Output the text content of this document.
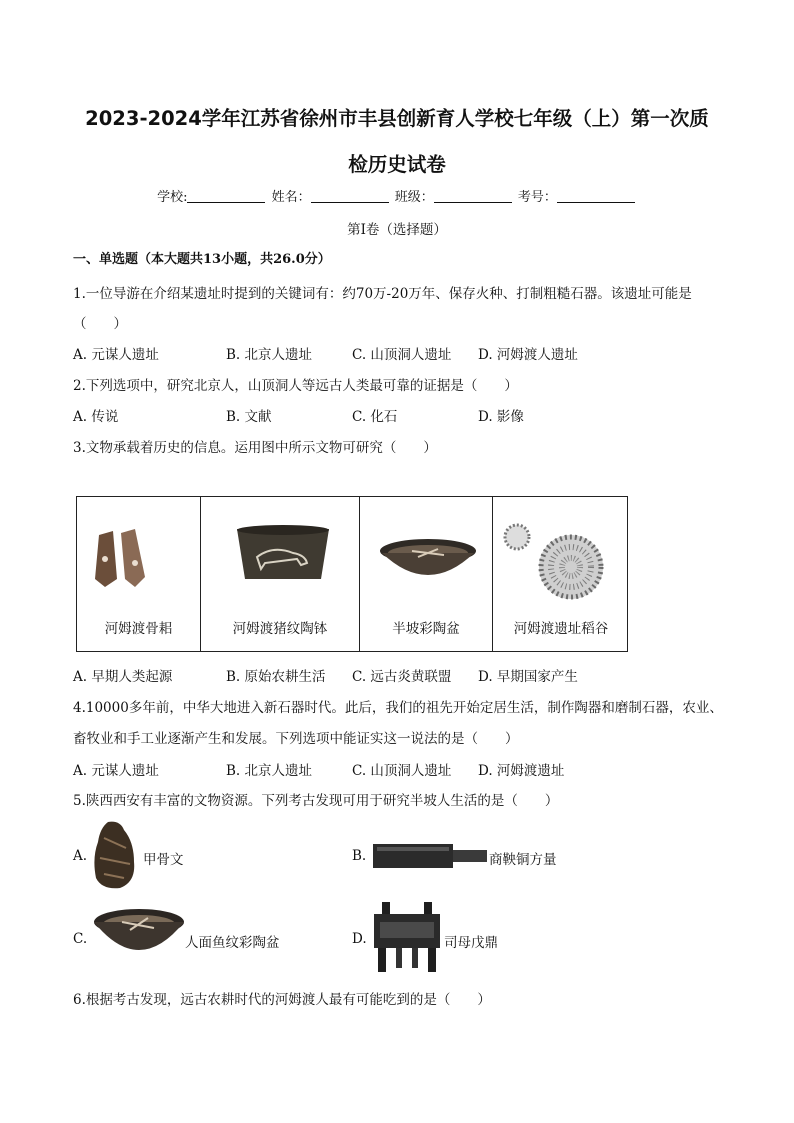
2023-2024学年江苏省徐州市丰县创新育人学校七年级（上）第一次质
检历史试卷
学校:	姓名：	班级：	考号：
第I卷（选择题）
一、单选题（本大题共13小题，共26.0分）
1.一位导游在介绍某遗址时提到的关键词有：约70万-20万年、保存火种、打制粗糙石器。该遗址可能是
（　　）
A. 元谋人遗址	B. 北京人遗址	C. 山顶洞人遗址 D. 河姆渡人遗址
2.下列选项中，研究北京人，山顶洞人等远古人类最可靠的证据是（　　）
A. 传说	B. 文献	C. 化石	D. 影像
3.文物承载着历史的信息。运用图中所示文物可研究（　　）
河姆渡骨耜	河姆渡猪纹陶钵	半坡彩陶盆	河姆渡遗址稻谷
A. 早期人类起源	B. 原始农耕生活 C. 远古炎黄联盟 D. 早期国家产生
4.10000多年前，中华大地进入新石器时代。此后，我们的祖先开始定居生活，制作陶器和磨制石器，农业、
畜牧业和手工业逐渐产生和发展。下列选项中能证实这一说法的是（　　）
A. 元谋人遗址	B. 北京人遗址	C. 山顶洞人遗址 D. 河姆渡遗址
5.陕西西安有丰富的文物资源。下列考古发现可用于研究半坡人生活的是（　　）
A.	甲骨文	B.	商鞅铜方量
C.	人面鱼纹彩陶盆	D.	司母戊鼎
6.根据考古发现，远古农耕时代的河姆渡人最有可能吃到的是（　　）
